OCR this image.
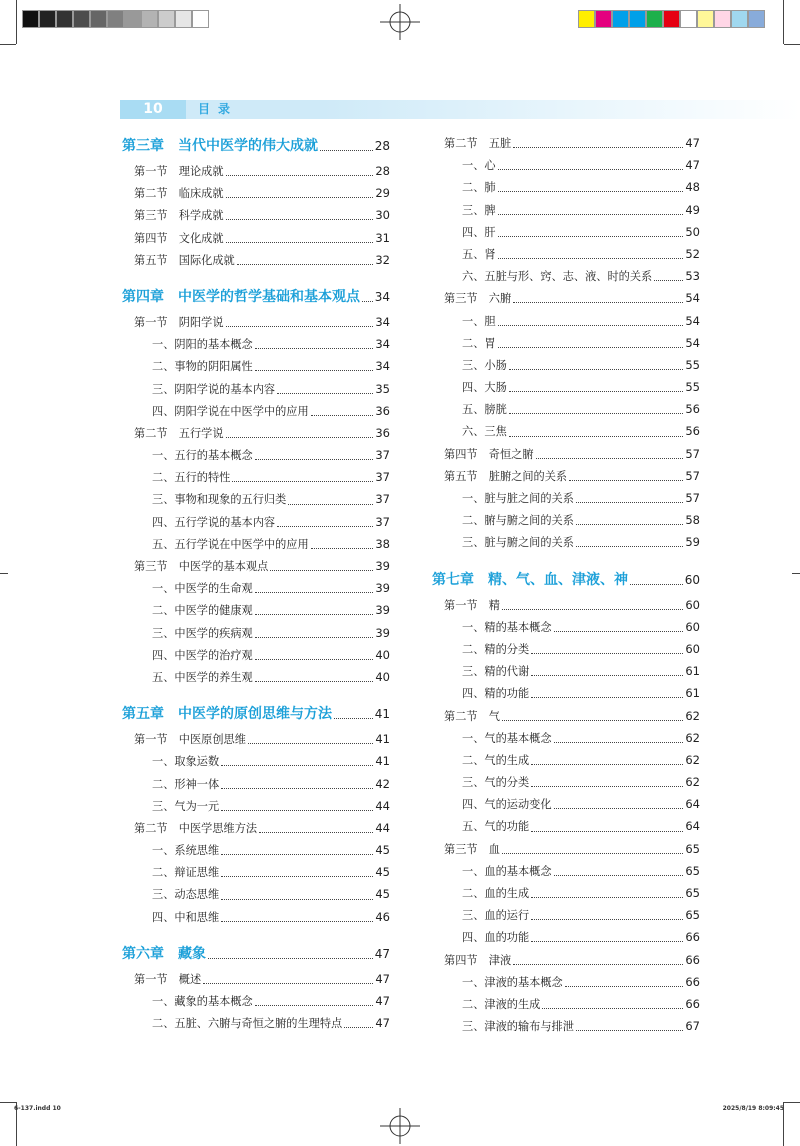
10	目录
第三章　当代中医学的伟大成就	28
第一节　理论成就	28
第二节　临床成就	29
第三节　科学成就	30
第四节　文化成就	31
第五节　国际化成就	32
第四章　中医学的哲学基础和基本观点 34
第一节　阴阳学说	34
一、阴阳的基本概念	34
二、事物的阴阳属性	34
三、阴阳学说的基本内容	35
四、阴阳学说在中医学中的应用	36
第二节　五行学说	36
一、五行的基本概念	37
二、五行的特性	37
三、事物和现象的五行归类	37
四、五行学说的基本内容	37
五、五行学说在中医学中的应用	38
第三节　中医学的基本观点	39
一、中医学的生命观	39
二、中医学的健康观	39
三、中医学的疾病观	39
四、中医学的治疗观	40
五、中医学的养生观	40
第五章　中医学的原创思维与方法	41
第一节　中医原创思维	41
一、取象运数	41
二、形神一体	42
三、气为一元	44
第二节　中医学思维方法	44
一、系统思维	45
二、辩证思维	45
三、动态思维	45
四、中和思维	46
第六章　藏象	47
第一节　概述	47
一、藏象的基本概念	47
二、五脏、六腑与奇恒之腑的生理特点	47
第二节　五脏	47
一、心	47
二、肺	48
三、脾	49
四、肝	50
五、肾	52
六、五脏与形、窍、志、液、时的关系	53
第三节　六腑	54
一、胆	54
二、胃	54
三、小肠	55
四、大肠	55
五、膀胱	56
六、三焦	56
第四节　奇恒之腑	57
第五节　脏腑之间的关系	57
一、脏与脏之间的关系	57
二、腑与腑之间的关系	58
三、脏与腑之间的关系	59
第七章　精、气、血、津液、神	60
第一节　精	60
一、精的基本概念	60
二、精的分类	60
三、精的代谢	61
四、精的功能	61
第二节　气	62
一、气的基本概念	62
二、气的生成	62
三、气的分类	62
四、气的运动变化	64
五、气的功能	64
第三节　血	65
一、血的基本概念	65
二、血的生成	65
三、血的运行	65
四、血的功能	66
第四节　津液	66
一、津液的基本概念	66
二、津液的生成	66
三、津液的输布与排泄	67
6-137.indd 10	2025/8/19 8:09:45
